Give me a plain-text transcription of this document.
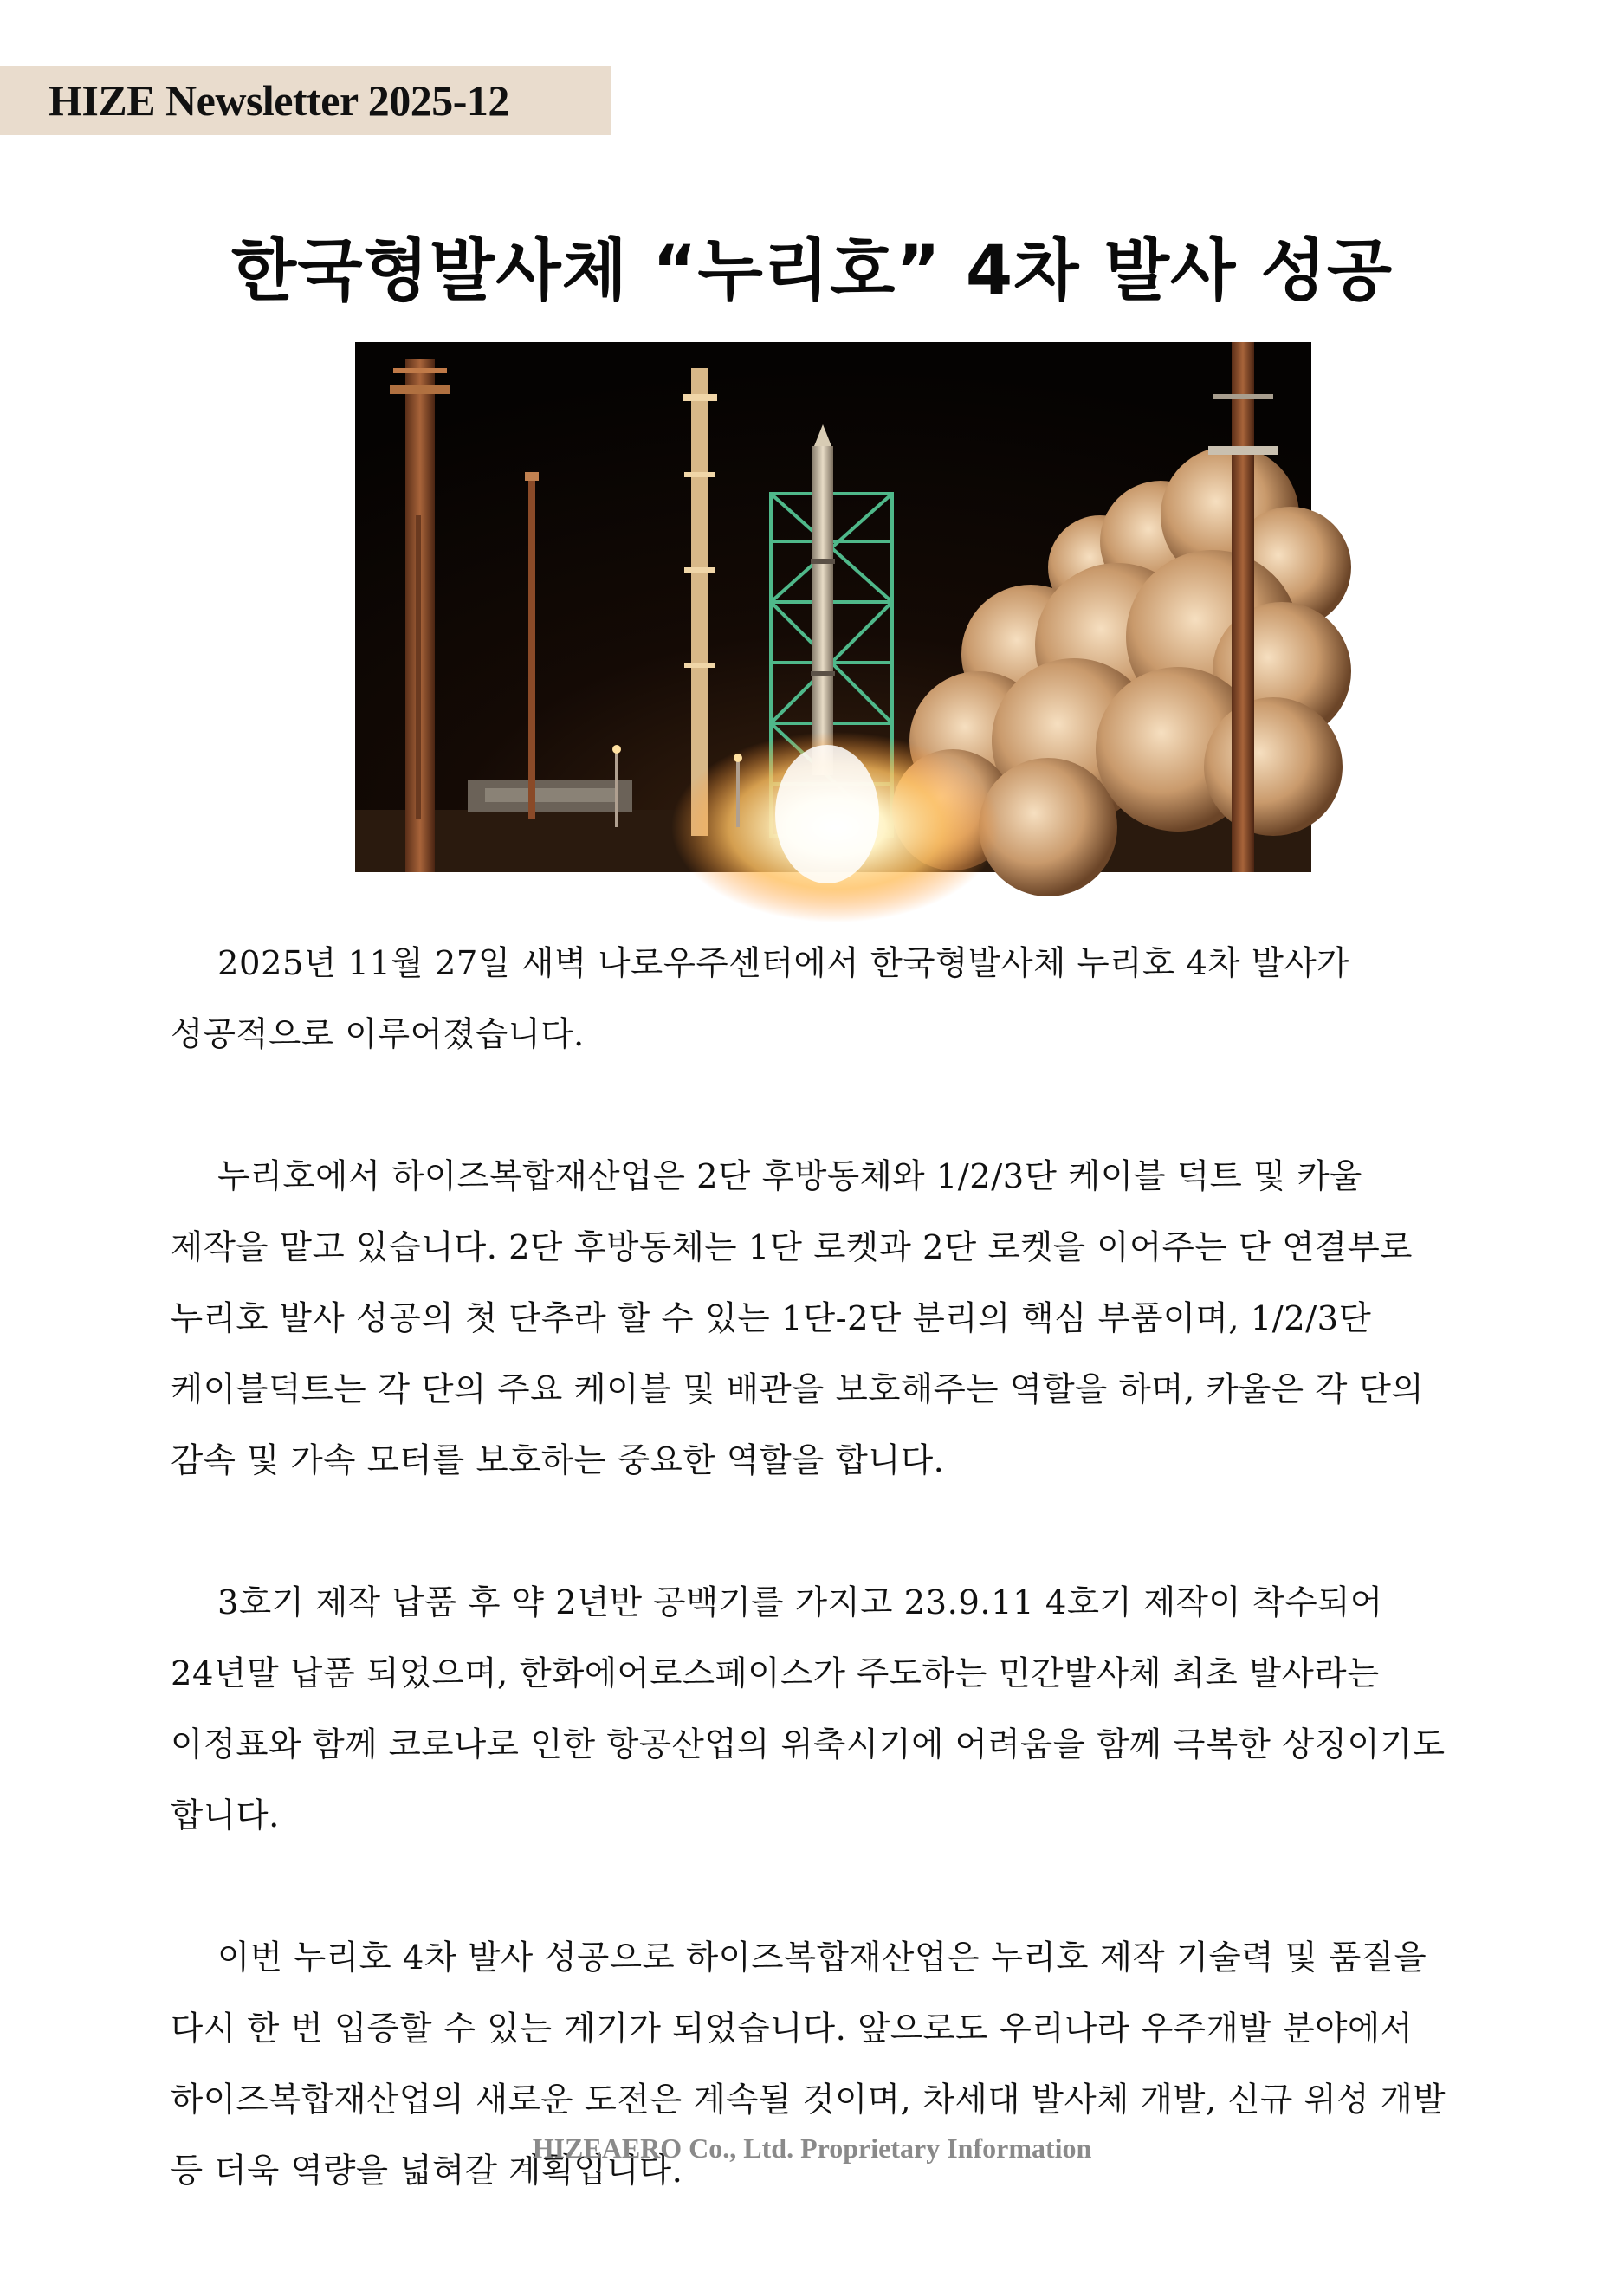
HIZE Newsletter 2025-12
한국형발사체 “누리호” 4차 발사 성공

2025년 11월 27일 새벽 나로우주센터에서 한국형발사체 누리호 4차 발사가 성공적으로 이루어졌습니다.

누리호에서 하이즈복합재산업은 2단 후방동체와 1/2/3단 케이블 덕트 및 카울 제작을 맡고 있습니다. 2단 후방동체는 1단 로켓과 2단 로켓을 이어주는 단 연결부로 누리호 발사 성공의 첫 단추라 할 수 있는 1단-2단 분리의 핵심 부품이며, 1/2/3단 케이블덕트는 각 단의 주요 케이블 및 배관을 보호해주는 역할을 하며, 카울은 각 단의 감속 및 가속 모터를 보호하는 중요한 역할을 합니다.

3호기 제작 납품 후 약 2년반 공백기를 가지고 23.9.11 4호기 제작이 착수되어 24년말 납품 되었으며, 한화에어로스페이스가 주도하는 민간발사체 최초 발사라는 이정표와 함께 코로나로 인한 항공산업의 위축시기에 어려움을 함께 극복한 상징이기도 합니다.

이번 누리호 4차 발사 성공으로 하이즈복합재산업은 누리호 제작 기술력 및 품질을 다시 한 번 입증할 수 있는 계기가 되었습니다. 앞으로도 우리나라 우주개발 분야에서 하이즈복합재산업의 새로운 도전은 계속될 것이며, 차세대 발사체 개발, 신규 위성 개발 등 더욱 역량을 넓혀갈 계획입니다.

HIZEAERO Co., Ltd. Proprietary Information
